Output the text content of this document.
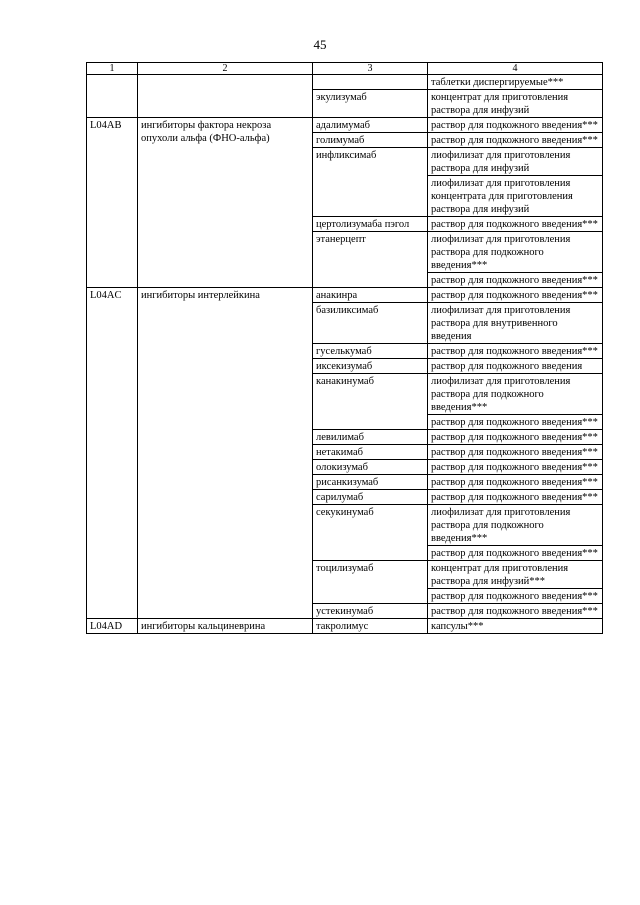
45
1	2	3	4
			таблетки диспергируемые***
		экулизумаб	концентрат для приготовления раствора для инфузий
L04AB	ингибиторы фактора некроза опухоли альфа (ФНО-альфа)	адалимумаб	раствор для подкожного введения***
		голимумаб	раствор для подкожного введения***
		инфликсимаб	лиофилизат для приготовления раствора для инфузий
			лиофилизат для приготовления концентрата для приготовления раствора для инфузий
		цертолизумаба пэгол	раствор для подкожного введения***
		этанерцепт	лиофилизат для приготовления раствора для подкожного введения***
			раствор для подкожного введения***
L04AC	ингибиторы интерлейкина	анакинра	раствор для подкожного введения***
		базиликсимаб	лиофилизат для приготовления раствора для внутривенного введения
		гуселькумаб	раствор для подкожного введения***
		иксекизумаб	раствор для подкожного введения
		канакинумаб	лиофилизат для приготовления раствора для подкожного введения***
			раствор для подкожного введения***
		левилимаб	раствор для подкожного введения***
		нетакимаб	раствор для подкожного введения***
		олокизумаб	раствор для подкожного введения***
		рисанкизумаб	раствор для подкожного введения***
		сарилумаб	раствор для подкожного введения***
		секукинумаб	лиофилизат для приготовления раствора для подкожного введения***
			раствор для подкожного введения***
		тоцилизумаб	концентрат для приготовления раствора для инфузий***
			раствор для подкожного введения***
		устекинумаб	раствор для подкожного введения***
L04AD	ингибиторы кальциневрина	такролимус	капсулы***
